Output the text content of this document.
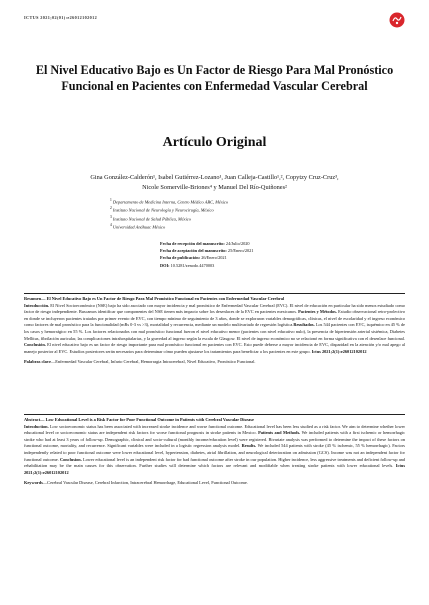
ICTUS 2021;02(01):e26012102012
El Nivel Educativo Bajo es Un Factor de Riesgo Para Mal Pronóstico Funcional en Pacientes con Enfermedad Vascular Cerebral
Artículo Original
Gina González-Calderón¹, Isabel Gutiérrez-Lozano¹, Juan Calleja-Castillo¹,², Copytzy Cruz-Cruz³,
Nicole Somerville-Briones⁴ y Manuel Del Río-Quiñones²
$^1$ Departamento de Medicina Interna, Centro Médico ABC, México
$^2$ Instituto Nacional de Neurología y Neurocirugía, México
$^3$ Instituto Nacional de Salud Pública, México
$^4$ Universidad Anáhuac México
Fecha de recepción del manuscrito: 24/Julio/2020
Fecha de aceptación del manuscrito: 25/Enero/2021
Fecha de publicación: 26/Enero/2021
DOI: 10.5281/zenodo.4470003
Resumen— El Nivel Educativo Bajo es Un Factor de Riesgo Para Mal Pronóstico Funcional en Pacientes con Enfermedad Vascular Cerebral
Introducción. El Nivel Socioeconómico (NSE) bajo ha sido asociado con mayor incidencia y mal pronóstico de Enfermedad Vascular Cerebral (EVC). El nivel de educación en particular ha sido menos estudiado como factor de riesgo independiente. Buscamos identificar que componentes del NSE tienen más impacto sobre los desenlaces de la EVC en pacientes mexicanos. Pacientes y Métodos. Estudio observacional retro-prolectivo en donde se incluyeron pacientes tratados por primer evento de EVC, con tiempo mínimo de seguimiento de 3 años, donde se exploraron variables demográficas, clínicas, el nivel de escolaridad y el ingreso económico como factores de mal pronóstico para la funcionalidad (mRs 0-3 vs >3), mortalidad y recurrencia, mediante un modelo multivariado de regresión logística.Resultados. Los 544 pacientes con EVC, isquémico en 45 % de los casos y hemorrágico en 55 %. Los factores relacionados con mal pronóstico funcional fueron el nivel educativo menor (pacientes con nivel educativo nulo), la presencia de hipertensión arterial sistémica, Diabetes Mellitus, fibrilación auricular, las complicaciones intrahospitalarias, y la gravedad al ingreso según la escala de Glasgow. El nivel de ingreso económico no se relacionó en forma significativa con el desenlace funcional. Conclusión. El nivel educativo bajo es un factor de riesgo importante para mal pronóstico funcional en pacientes con EVC. Esto puede deberse a mayor incidencia de EVC, disparidad en la atención y/o mal apego al manejo posterior al EVC. Estudios posteriores serán necesarios para determinar cómo pueden ajustarse los tratamientos para beneficiar a los pacientes en este grupo. Ictus 2021;2(1):e26012102012
Palabras clave—Enfermedad Vascular Cerebral, Infarto Cerebral, Hemorragia Intracerebral, Nivel Educativo, Pronóstico Funcional.
Abstract— Low Educational Level is a Risk Factor for Poor Functional Outcome in Patients with Cerebral Vascular Disease
Introduction. Low socioeconomic status has been associated with increased stroke incidence and worse functional outcome. Educational level has been less studied as a risk factor. We aim to determine whether lower educational level or socioeconomic status are independent risk factors for worse functional prognosis in stroke patients in Mexico. Patients and Methods. We included patients with a first ischemic or hemorrhagic stroke who had at least 3 years of follow-up. Demographic, clinical and socio-cultural (monthly income/education level) were registered. Bivariate analysis was performed to determine the impact of these factors on functional outcome, mortality, and recurrence. Significant variables were included in a logistic regression analysis model. Results. We included 544 patients with stroke (45 % ischemic, 55 % hemorrhagic). Factors independently related to poor functional outcome were lower educational level, hypertension, diabetes, atrial fibrillation, and neurological deterioration on admission (GCS). Income was not an independent factor for functional outcome. Conclusion. Lower educational level is an independent risk factor for bad functional outcome after stroke in our population. Higher incidence, less aggressive treatments and deficient follow-up and rehabilitation may be the main causes for this observation. Further studies will determine which factors are relevant and modifiable when treating stroke patients with lower educational levels. Ictus 2021;2(1):e26012102012
Keywords—Cerebral Vascular Disease, Cerebral Infarction, Intracerebral Hemorrhage, Educational Level, Functional Outcome.
